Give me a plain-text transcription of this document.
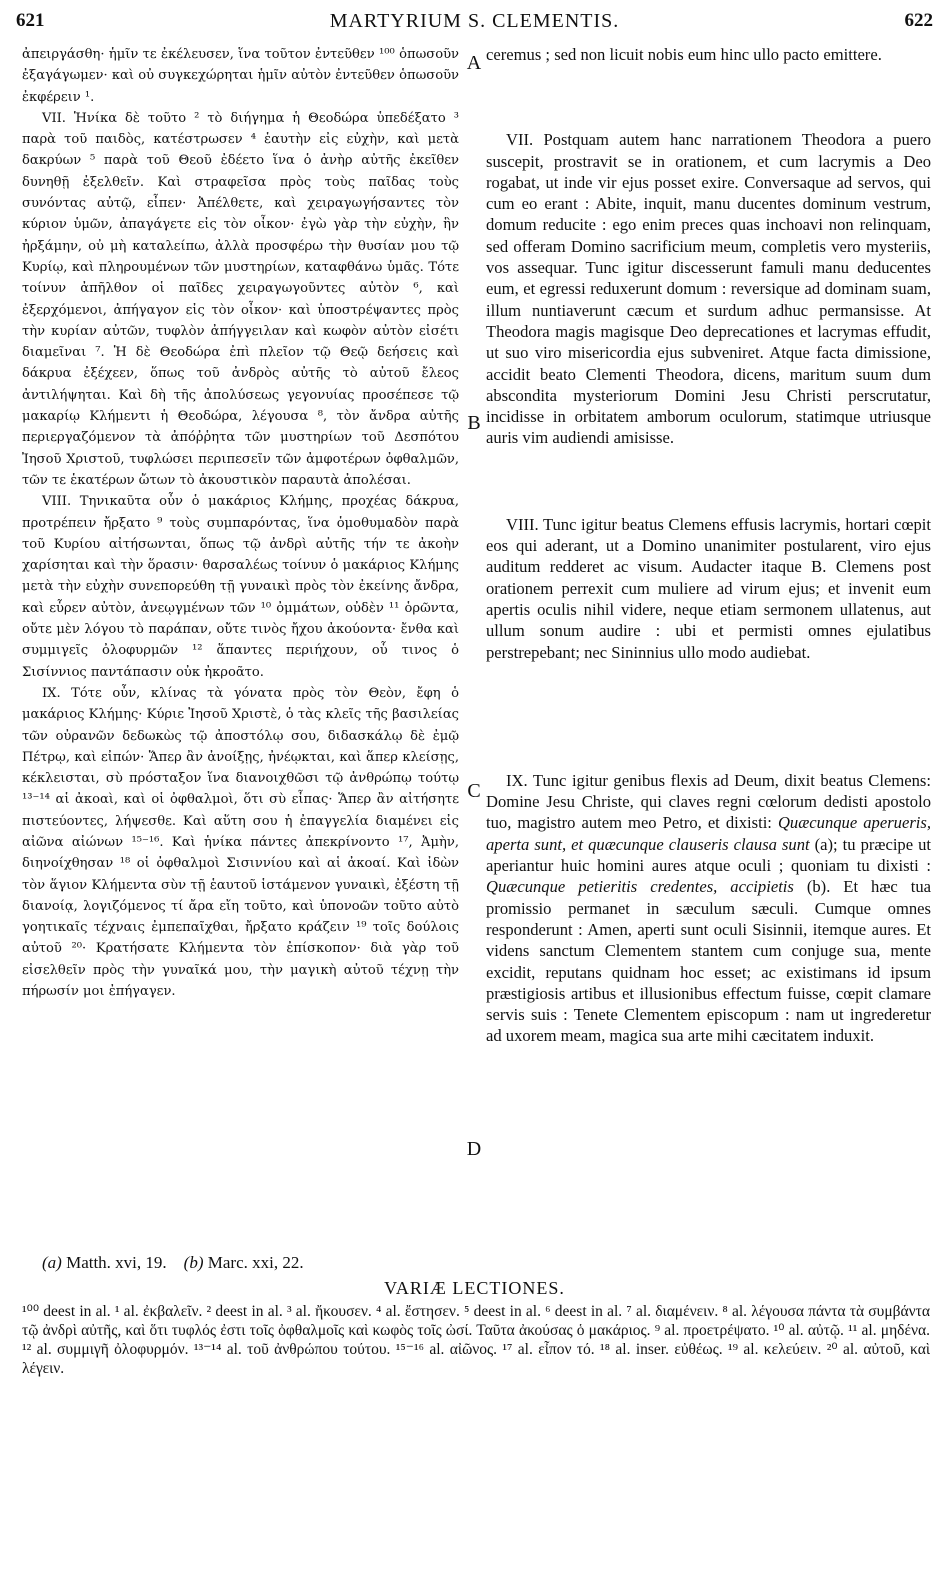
621	MARTYRIUM S. CLEMENTIS.	622

ἀπειργάσθη· ἡμῖν τε ἐκέλευσεν, ἵνα τοῦτον ἐντεῦθεν ¹⁰⁰ ὁπωσοῦν ἐξαγάγωμεν· καὶ οὐ συγκεχώρηται ἡμῖν αὐτὸν ἐντεῦθεν ὁπωσοῦν ἐκφέρειν ¹.

VII. Ἡνίκα δὲ τοῦτο ² τὸ διήγημα ἡ Θεοδώρα ὑπεδέξατο ³ παρὰ τοῦ παιδὸς, κατέστρωσεν ⁴ ἑαυτὴν εἰς εὐχὴν, καὶ μετὰ δακρύων ⁵ παρὰ τοῦ Θεοῦ ἐδέετο ἵνα ὁ ἀνὴρ αὐτῆς ἐκεῖθεν δυνηθῇ ἐξελθεῖν. Καὶ στραφεῖσα πρὸς τοὺς παῖδας τοὺς συνόντας αὐτῷ, εἶπεν· Ἀπέλθετε, καὶ χειραγωγήσαντες τὸν κύριον ὑμῶν, ἀπαγάγετε εἰς τὸν οἶκον· ἐγὼ γὰρ τὴν εὐχὴν, ἣν ἠρξάμην, οὐ μὴ καταλείπω, ἀλλὰ προσφέρω τὴν θυσίαν μου τῷ Κυρίῳ, καὶ πληρουμένων τῶν μυστηρίων, καταφθάνω ὑμᾶς. Τότε τοίνυν ἀπῆλθον οἱ παῖδες χειραγωγοῦντες αὐτὸν ⁶, καὶ ἐξερχόμενοι, ἀπήγαγον εἰς τὸν οἶκον· καὶ ὑποστρέψαντες πρὸς τὴν κυρίαν αὐτῶν, τυφλὸν ἀπήγγειλαν καὶ κωφὸν αὐτὸν εἰσέτι διαμεῖναι ⁷. Ἡ δὲ Θεοδώρα ἐπὶ πλεῖον τῷ Θεῷ δεήσεις καὶ δάκρυα ἐξέχεεν, ὅπως τοῦ ἀνδρὸς αὐτῆς τὸ αὐτοῦ ἔλεος ἀντιλήψηται. Καὶ δὴ τῆς ἀπολύσεως γεγονυίας προσέπεσε τῷ μακαρίῳ Κλήμεντι ἡ Θεοδώρα, λέγουσα ⁸, τὸν ἄνδρα αὐτῆς περιεργαζόμενον τὰ ἀπόῤῥητα τῶν μυστηρίων τοῦ Δεσπότου Ἰησοῦ Χριστοῦ, τυφλώσει περιπεσεῖν τῶν ἀμφοτέρων ὀφθαλμῶν, τῶν τε ἑκατέρων ὤτων τὸ ἀκουστικὸν παραυτὰ ἀπολέσαι.

VIII. Τηνικαῦτα οὖν ὁ μακάριος Κλήμης, προχέας δάκρυα, προτρέπειν ἤρξατο ⁹ τοὺς συμπαρόντας, ἵνα ὁμοθυμαδὸν παρὰ τοῦ Κυρίου αἰτήσωνται, ὅπως τῷ ἀνδρὶ αὐτῆς τήν τε ἀκοὴν χαρίσηται καὶ τὴν ὅρασιν· θαρσαλέως τοίνυν ὁ μακάριος Κλήμης μετὰ τὴν εὐχὴν συνεπορεύθη τῇ γυναικὶ πρὸς τὸν ἐκείνης ἄνδρα, καὶ εὗρεν αὐτὸν, ἀνεῳγμένων τῶν ¹⁰ ὀμμάτων, οὐδὲν ¹¹ ὁρῶντα, οὔτε μὲν λόγου τὸ παράπαν, οὔτε τινὸς ἤχου ἀκούοντα· ἔνθα καὶ συμμιγεῖς ὀλοφυρμῶν ¹² ἅπαντες περιήχουν, οὗ τινος ὁ Σισίννιος παντάπασιν οὐκ ἠκροᾶτο.

IX. Τότε οὖν, κλίνας τὰ γόνατα πρὸς τὸν Θεὸν, ἔφη ὁ μακάριος Κλήμης· Κύριε Ἰησοῦ Χριστὲ, ὁ τὰς κλεῖς τῆς βασιλείας τῶν οὐρανῶν δεδωκὼς τῷ ἀποστόλῳ σου, διδασκάλῳ δὲ ἐμῷ Πέτρῳ, καὶ εἰπών· Ἅπερ ἂν ἀνοίξῃς, ἠνέῳκται, καὶ ἅπερ κλείσῃς, κέκλεισται, σὺ πρόσταξον ἵνα διανοιχθῶσι τῷ ἀνθρώπῳ τούτῳ ¹³⁻¹⁴ αἱ ἀκοαὶ, καὶ οἱ ὀφθαλμοὶ, ὅτι σὺ εἶπας· Ἅπερ ἂν αἰτήσητε πιστεύοντες, λήψεσθε. Καὶ αὕτη σου ἡ ἐπαγγελία διαμένει εἰς αἰῶνα αἰώνων ¹⁵⁻¹⁶. Καὶ ἡνίκα πάντες ἀπεκρίνοντο ¹⁷, Ἀμὴν, διηνοίχθησαν ¹⁸ οἱ ὀφθαλμοὶ Σισιννίου καὶ αἱ ἀκοαί. Καὶ ἰδὼν τὸν ἅγιον Κλήμεντα σὺν τῇ ἑαυτοῦ ἱστάμενον γυναικὶ, ἐξέστη τῇ διανοίᾳ, λογιζόμενος τί ἄρα εἴη τοῦτο, καὶ ὑπονοῶν τοῦτο αὐτὸ γοητικαῖς τέχναις ἐμπεπαῖχθαι, ἤρξατο κράζειν ¹⁹ τοῖς δούλοις αὐτοῦ ²⁰· Κρατήσατε Κλήμεντα τὸν ἐπίσκοπον· διὰ γὰρ τοῦ εἰσελθεῖν πρὸς τὴν γυναῖκά μου, τὴν μαγικὴ αὐτοῦ τέχνῃ τὴν πήρωσίν μοι ἐπήγαγεν.

A
B
C
D

ceremus ; sed non licuit nobis eum hinc ullo pacto emittere.

VII. Postquam autem hanc narrationem Theodora a puero suscepit, prostravit se in orationem, et cum lacrymis a Deo rogabat, ut inde vir ejus posset exire. Conversaque ad servos, qui cum eo erant : Abite, inquit, manu ducentes dominum vestrum, domum reducite : ego enim preces quas inchoavi non relinquam, sed offeram Domino sacrificium meum, completis vero mysteriis, vos assequar. Tunc igitur discesserunt famuli manu deducentes eum, et egressi reduxerunt domum : reversique ad dominam suam, illum nuntiaverunt cæcum et surdum adhuc permansisse. At Theodora magis magisque Deo deprecationes et lacrymas effudit, ut suo viro misericordia ejus subveniret. Atque facta dimissione, accidit beato Clementi Theodora, dicens, maritum suum dum abscondita mysteriorum Domini Jesu Christi perscrutatur, incidisse in orbitatem amborum oculorum, statimque utriusque auris vim audiendi amisisse.

VIII. Tunc igitur beatus Clemens effusis lacrymis, hortari cœpit eos qui aderant, ut a Domino unanimiter postularent, viro ejus auditum redderet ac visum. Audacter itaque B. Clemens post orationem perrexit cum muliere ad virum ejus; et invenit eum apertis oculis nihil videre, neque etiam sermonem ullatenus, aut ullum sonum audire : ubi et permisti omnes ejulatibus perstrepebant; nec Sininnius ullo modo audiebat.

IX. Tunc igitur genibus flexis ad Deum, dixit beatus Clemens: Domine Jesu Christe, qui claves regni cœlorum dedisti apostolo tuo, magistro autem meo Petro, et dixisti: Quæcunque aperueris, aperta sunt, et quæcunque clauseris clausa sunt (a); tu præcipe ut aperiantur huic homini aures atque oculi ; quoniam tu dixisti : Quæcunque petieritis credentes, accipietis (b). Et hæc tua promissio permanet in sæculum sæculi. Cumque omnes responderunt : Amen, aperti sunt oculi Sisinnii, itemque aures. Et videns sanctum Clementem stantem cum conjuge sua, mente excidit, reputans quidnam hoc esset; ac existimans id ipsum præstigiosis artibus et illusionibus effectum fuisse, cœpit clamare servis suis : Tenete Clementem episcopum : nam ut ingrederetur ad uxorem meam, magica sua arte mihi cæcitatem induxit.

(a) Matth. xvi, 19. (b) Marc. xxi, 22.
VARIÆ LECTIONES.
¹⁰⁰ deest in al. ¹ al. ἐκβαλεῖν. ² deest in al. ³ al. ἤκουσεν. ⁴ al. ἔστησεν. ⁵ deest in al. ⁶ deest in al. ⁷ al. διαμένειν. ⁸ al. λέγουσα πάντα τὰ συμβάντα τῷ ἀνδρὶ αὐτῆς, καὶ ὅτι τυφλός ἐστι τοῖς ὀφθαλμοῖς καὶ κωφὸς τοῖς ὠσί. Ταῦτα ἀκούσας ὁ μακάριος. ⁹ al. προετρέψατο. ¹⁰ al. αὐτῷ. ¹¹ al. μηδένα. ¹² al. συμμιγῆ ὀλοφυρμόν. ¹³⁻¹⁴ al. τοῦ ἀνθρώπου τούτου. ¹⁵⁻¹⁶ al. αἰῶνος. ¹⁷ al. εἶπον τό. ¹⁸ al. inser. εὐθέως. ¹⁹ al. κελεύειν. ²⁰ al. αὐτοῦ, καὶ λέγειν.
